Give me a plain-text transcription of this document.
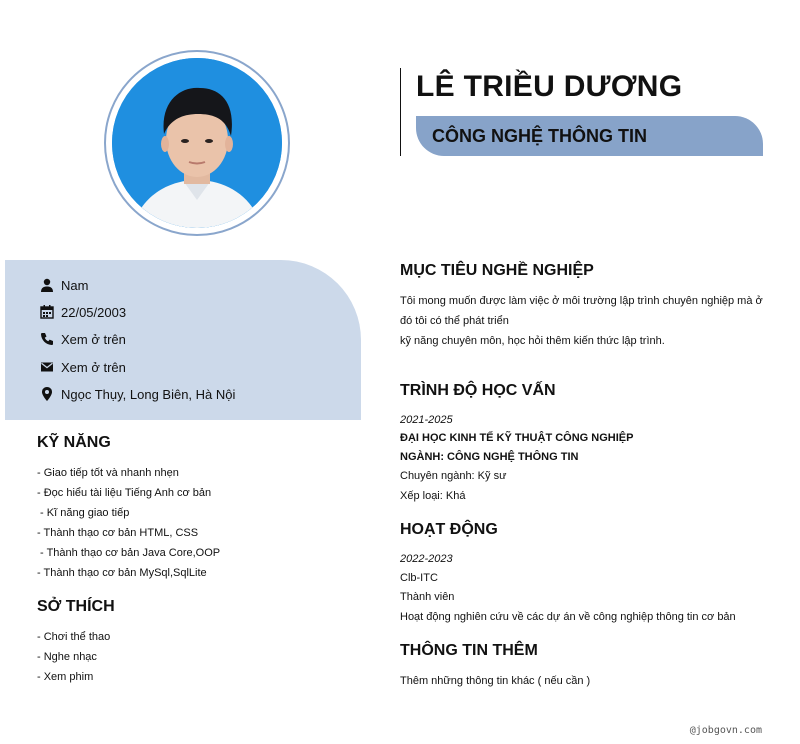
LÊ TRIỀU DƯƠNG
CÔNG NGHỆ THÔNG TIN
Nam
22/05/2003
Xem ở trên
Xem ở trên
Ngọc Thụy, Long Biên, Hà Nội
KỸ NĂNG
- Giao tiếp tốt và nhanh nhẹn
- Đọc hiểu tài liệu Tiếng Anh cơ bản
- Kĩ năng giao tiếp
- Thành thạo cơ bản HTML, CSS
- Thành thạo cơ bản Java Core,OOP
- Thành thạo cơ bản MySql,SqlLite
SỞ THÍCH
- Chơi thể thao
- Nghe nhạc
- Xem phim
MỤC TIÊU NGHỀ NGHIỆP
Tôi mong muốn được làm việc ở môi trường lập trình chuyên nghiệp mà ở
đó tôi có thể phát triển
kỹ năng chuyên môn, học hỏi thêm kiến thức lập trình.
TRÌNH ĐỘ HỌC VẤN
2021-2025
ĐẠI HỌC KINH TẾ KỸ THUẬT CÔNG NGHIỆP
NGÀNH: CÔNG NGHỆ THÔNG TIN
Chuyên ngành: Kỹ sư
Xếp loại: Khá
HOẠT ĐỘNG
2022-2023
Clb-ITC
Thành viên
Hoạt động nghiên cứu về các dự án về công nghiệp thông tin cơ bản
THÔNG TIN THÊM
Thêm những thông tin khác ( nếu cần )
@jobgovn.com
